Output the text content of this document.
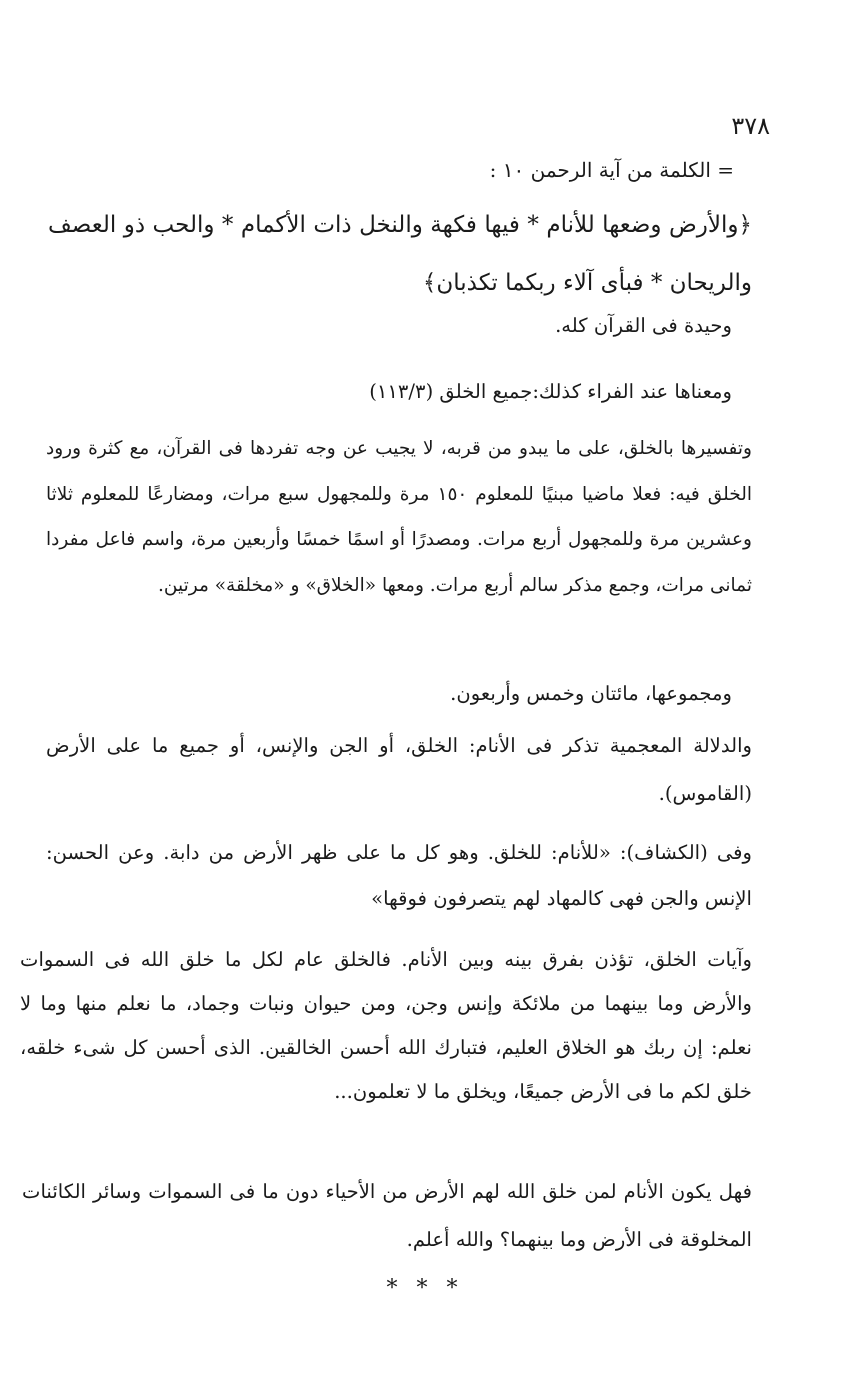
٣٧٨
= الكلمة من آية الرحمن ١٠ :
﴿والأرض وضعها للأنام * فيها فكهة والنخل ذات الأكمام * والحب ذو العصف والريحان * فبأى آلاء ربكما تكذبان﴾

وحيدة فى القرآن كله.

ومعناها عند الفراء كذلك:جميع الخلق (١١٣/٣)

وتفسيرها بالخلق، على ما يبدو من قربه، لا يجيب عن وجه تفردها فى القرآن، مع كثرة ورود الخلق فيه: فعلا ماضيا مبنيًا للمعلوم ١٥٠ مرة وللمجهول سبع مرات، ومضارعًا للمعلوم ثلاثا وعشرين مرة وللمجهول أربع مرات. ومصدرًا أو اسمًا خمسًا وأربعين مرة، واسم فاعل مفردا ثمانى مرات، وجمع مذكر سالم أربع مرات. ومعها «الخلاق» و «مخلقة» مرتين.

ومجموعها، مائتان وخمس وأربعون.

والدلالة المعجمية تذكر فى الأنام: الخلق، أو الجن والإنس، أو جميع ما على الأرض (القاموس).

وفى (الكشاف): «للأنام: للخلق. وهو كل ما على ظهر الأرض من دابة. وعن الحسن: الإنس والجن فهى كالمهاد لهم يتصرفون فوقها»

وآيات الخلق، تؤذن بفرق بينه وبين الأنام. فالخلق عام لكل ما خلق الله فى السموات والأرض وما بينهما من ملائكة وإنس وجن، ومن حيوان ونبات وجماد، ما نعلم منها وما لا نعلم: إن ربك هو الخلاق العليم، فتبارك الله أحسن الخالقين. الذى أحسن كل شىء خلقه، خلق لكم ما فى الأرض جميعًا، ويخلق ما لا تعلمون...

فهل يكون الأنام لمن خلق الله لهم الأرض من الأحياء دون ما فى السموات وسائر الكائنات المخلوقة فى الأرض وما بينهما؟ والله أعلم.

* * *
